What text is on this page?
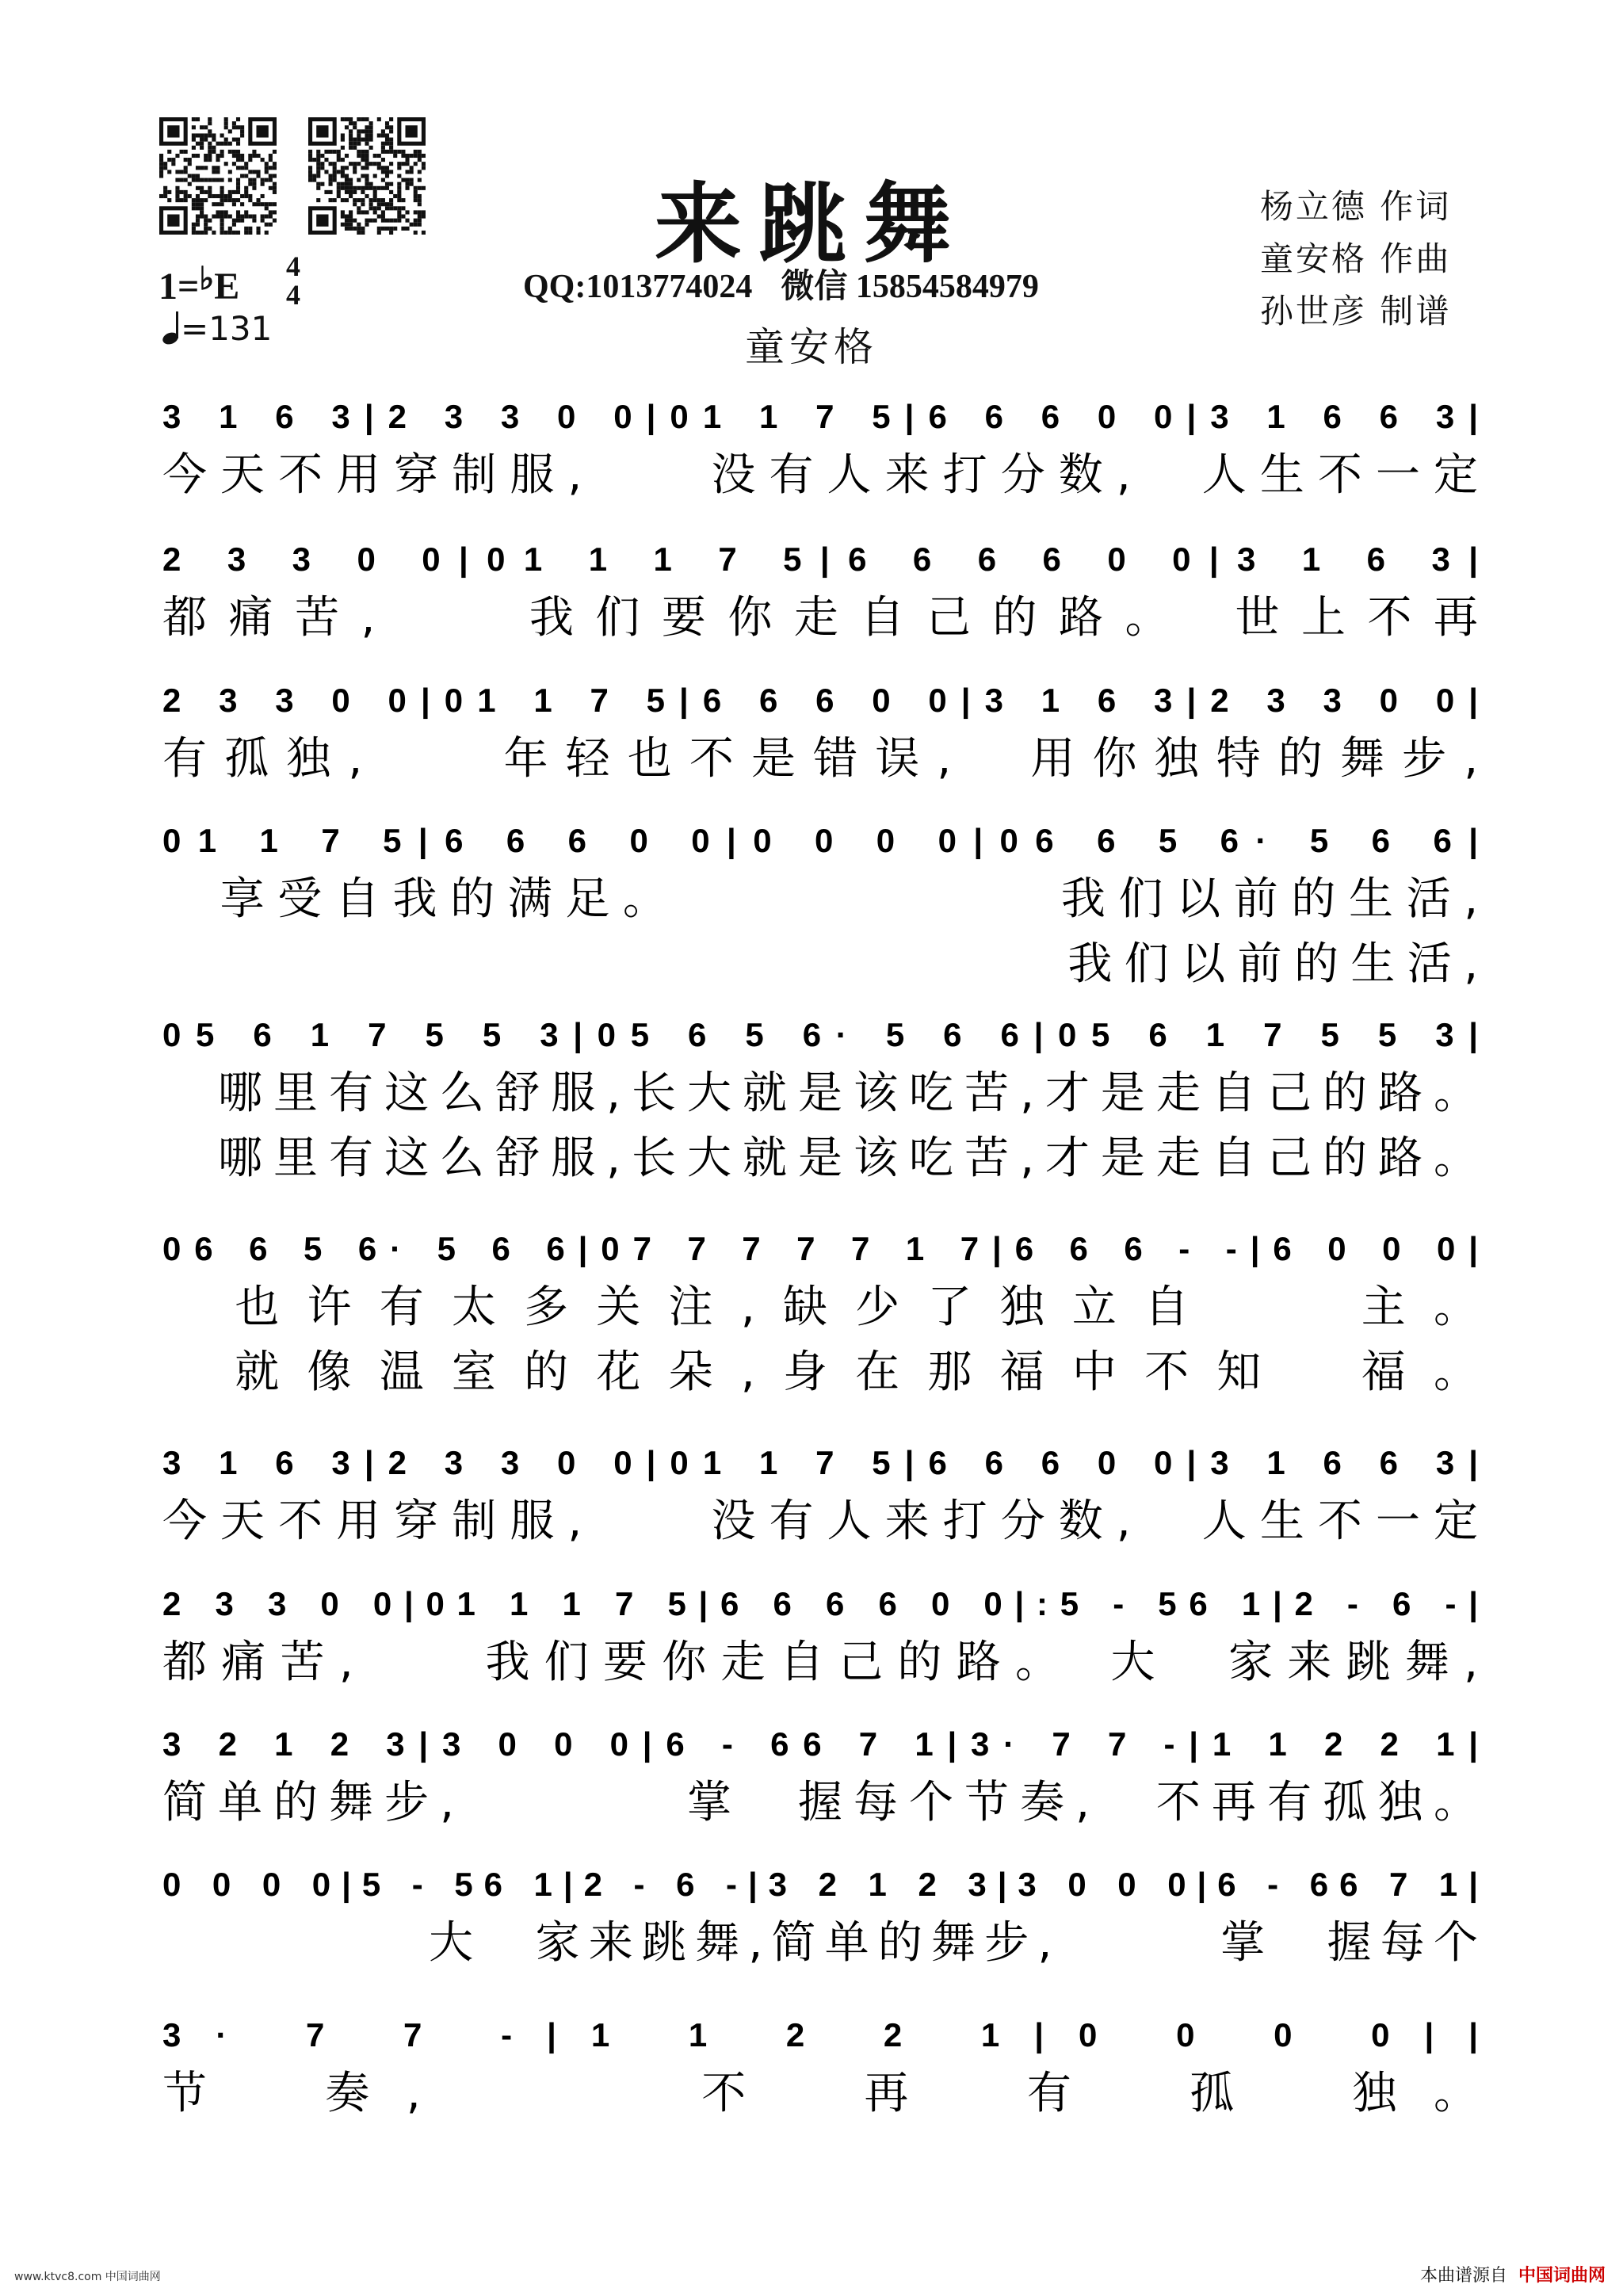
来跳舞	杨立德 作词
童安格 作曲
孙世彦 制谱
1=♭E	4
4
=131
QQ:1013774024 微信 15854584979
童安格
3 1 6 3|2 3 3 0 0|01 1 7 5|6 6 6 0 0|3 1 6 6 3|
今天不用穿制服,　　没有人来打分数,　人生不一定
2 3 3 0 0|01 1 1 7 5|6 6 6 6 0 0|3 1 6 3|
都痛苦,　　我们要你走自己的路。　世上不再
2 3 3 0 0|01 1 7 5|6 6 6 0 0|3 1 6 3|2 3 3 0 0|
有孤独,　　年轻也不是错误,　用你独特的舞步,
01 1 7 5|6 6 6 0 0|0 0 0 0|06 6 5 6· 5 6 6|
　享受自我的满足。　　　　　　　我们以前的生活,
　　　　　　　　　　　　　　　　我们以前的生活,
05 6 1 7 5 5 3|05 6 5 6· 5 6 6|05 6 1 7 5 5 3|
　哪里有这么舒服,长大就是该吃苦,才是走自己的路。
　哪里有这么舒服,长大就是该吃苦,才是走自己的路。
06 6 5 6· 5 6 6|07 7 7 7 7 1 7|6 6 6 - -|6 0 0 0|
　也许有太多关注,缺少了独立自　　主。
　就像温室的花朵,身在那福中不知　福。
3 1 6 3|2 3 3 0 0|01 1 7 5|6 6 6 0 0|3 1 6 6 3|
今天不用穿制服,　　没有人来打分数,　人生不一定
2 3 3 0 0|01 1 1 7 5|6 6 6 6 0 0|:5 - 56 1|2 - 6 -|
都痛苦,　　我们要你走自己的路。　大　家来跳舞,
3 2 1 2 3|3 0 0 0|6 - 66 7 1|3· 7 7 -|1 1 2 2 1|
简单的舞步,　　　　掌　握每个节奏,　不再有孤独。
0 0 0 0|5 - 56 1|2 - 6 -|3 2 1 2 3|3 0 0 0|6 - 66 7 1|
　　　　　大　家来跳舞,简单的舞步,　　　掌　握每个
3· 7 7 -|1 1 2 2 1|0 0 0 0||
节　奏,　　　不　再　有　孤　独。
www.ktvc8.com 中国词曲网	本曲谱源自 中国词曲网
